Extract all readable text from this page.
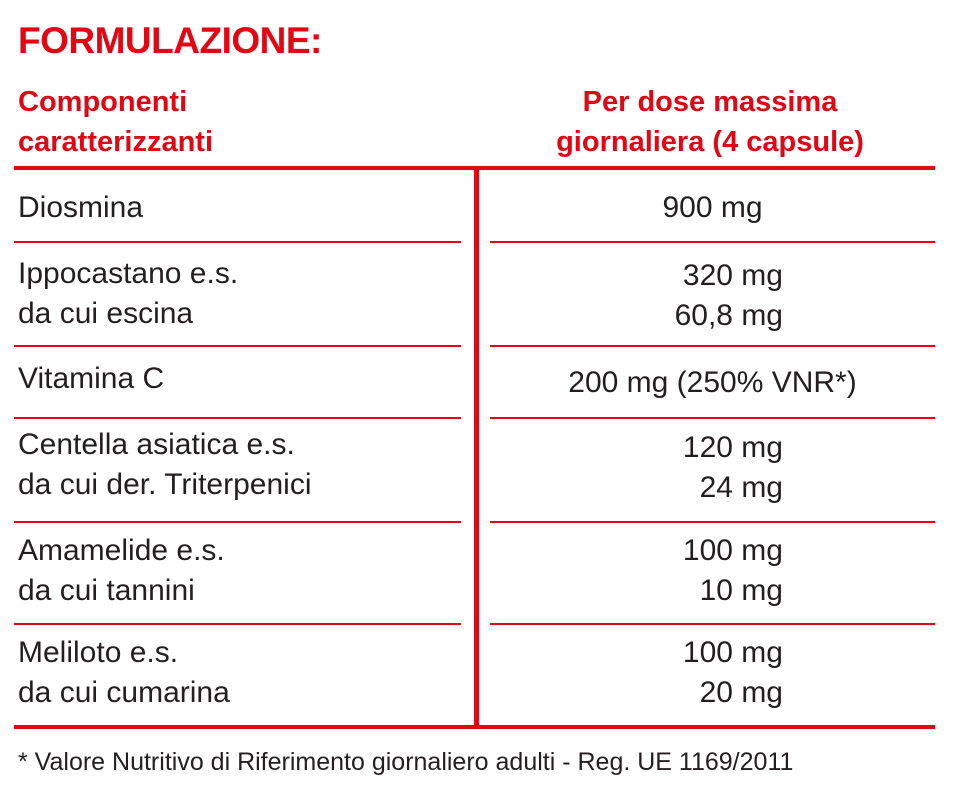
FORMULAZIONE:
Componenti
caratterizzanti
Per dose massima
giornaliera (4 capsule)
Diosmina	900 mg
Ippocastano e.s.
da cui escina
320 mg
60,8 mg
Vitamina C	200 mg (250% VNR*)
Centella asiatica e.s.
da cui der. Triterpenici
120 mg
24 mg
Amamelide e.s.
da cui tannini
100 mg
10 mg
Meliloto e.s.
da cui cumarina
100 mg
20 mg
* Valore Nutritivo di Riferimento giornaliero adulti - Reg. UE 1169/2011
